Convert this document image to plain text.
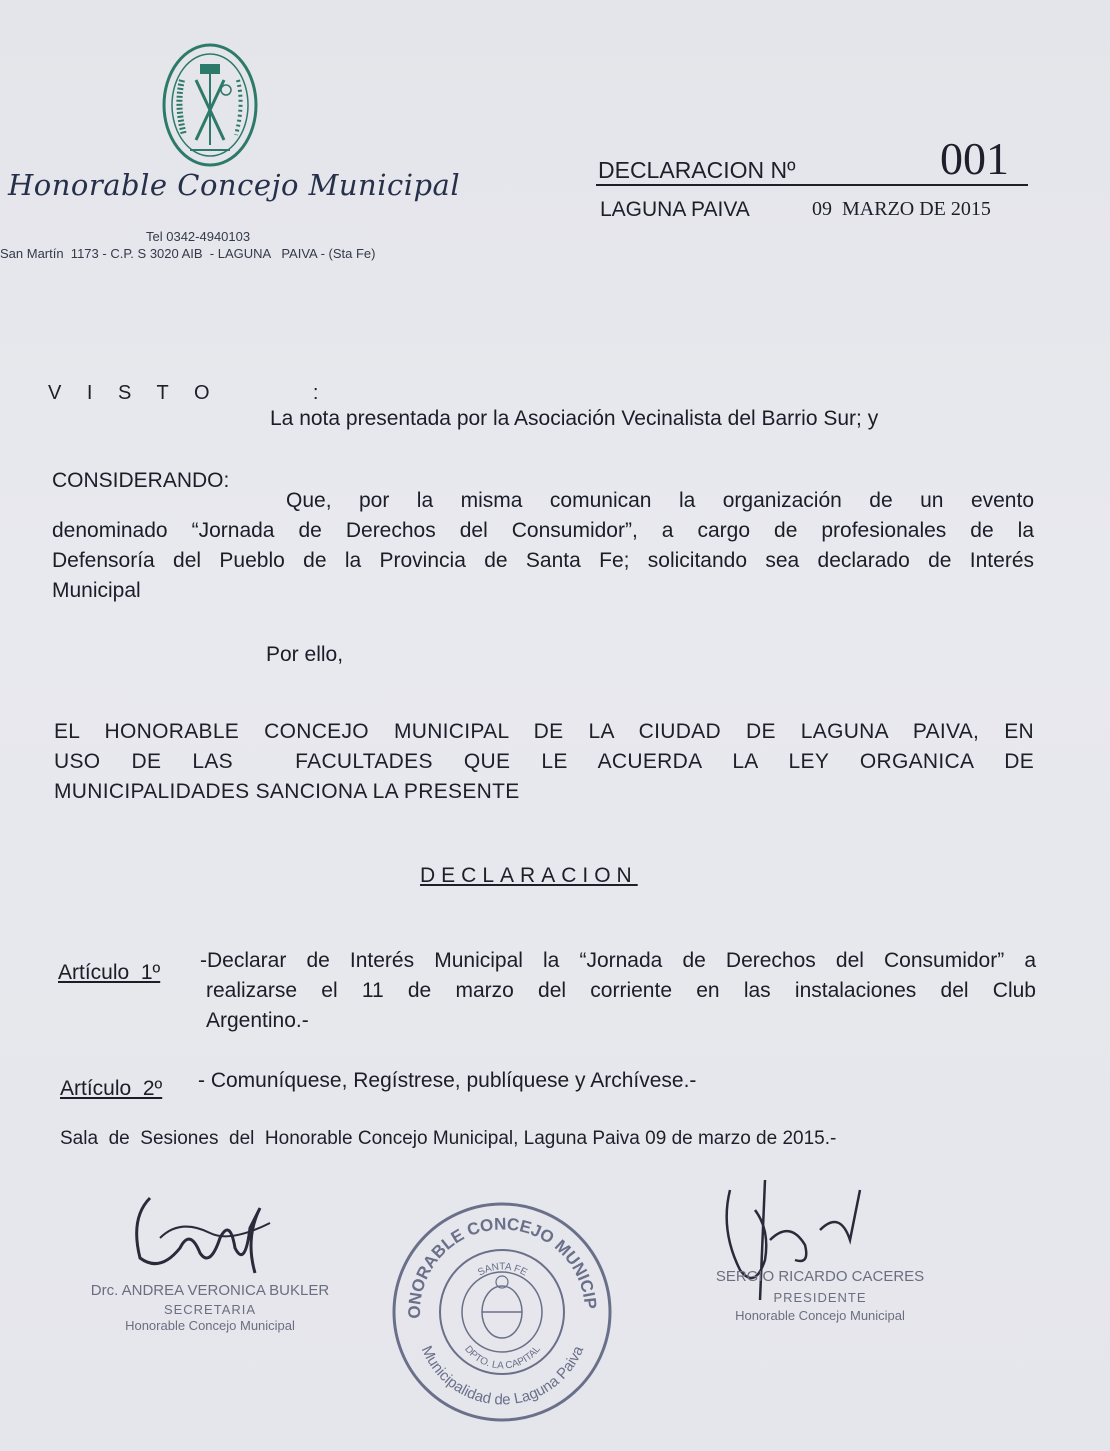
Honorable Concejo Municipal
Tel 0342-4940103
San Martín  1173 - C.P. S 3020 AIB  - LAGUNA   PAIVA - (Sta Fe)
DECLARACION Nº	001
LAGUNA PAIVA	09  MARZO DE 2015
V I S T O      :
La nota presentada por la Asociación Vecinalista del Barrio Sur; y
CONSIDERANDO:
Que, por la misma comunican la organización de un evento
denominado “Jornada de Derechos del Consumidor”, a cargo de profesionales de la
Defensoría del Pueblo de la Provincia de Santa Fe; solicitando sea declarado de Interés
Municipal
Por ello,
EL HONORABLE CONCEJO MUNICIPAL DE LA CIUDAD DE LAGUNA PAIVA, EN
USO DE LAS  FACULTADES QUE LE ACUERDA LA LEY ORGANICA DE
MUNICIPALIDADES SANCIONA LA PRESENTE
DECLARACION
Artículo  1º
-Declarar de Interés Municipal la “Jornada de Derechos del Consumidor” a
realizarse el 11 de marzo del corriente en las instalaciones del Club
Argentino.-
Artículo  2º - Comuníquese, Regístrese, publíquese y Archívese.-
Sala  de  Sesiones  del  Honorable Concejo Municipal, Laguna Paiva 09 de marzo de 2015.-
Drc. ANDREA VERONICA BUKLER
SECRETARIA
Honorable Concejo Municipal
ONORABLE CONCEJO MUNICIP
SANTA FE
DPTO. LA CAPITAL
Municipalidad de Laguna Paiva
SERGIO RICARDO CACERES
PRESIDENTE
Honorable Concejo Municipal
